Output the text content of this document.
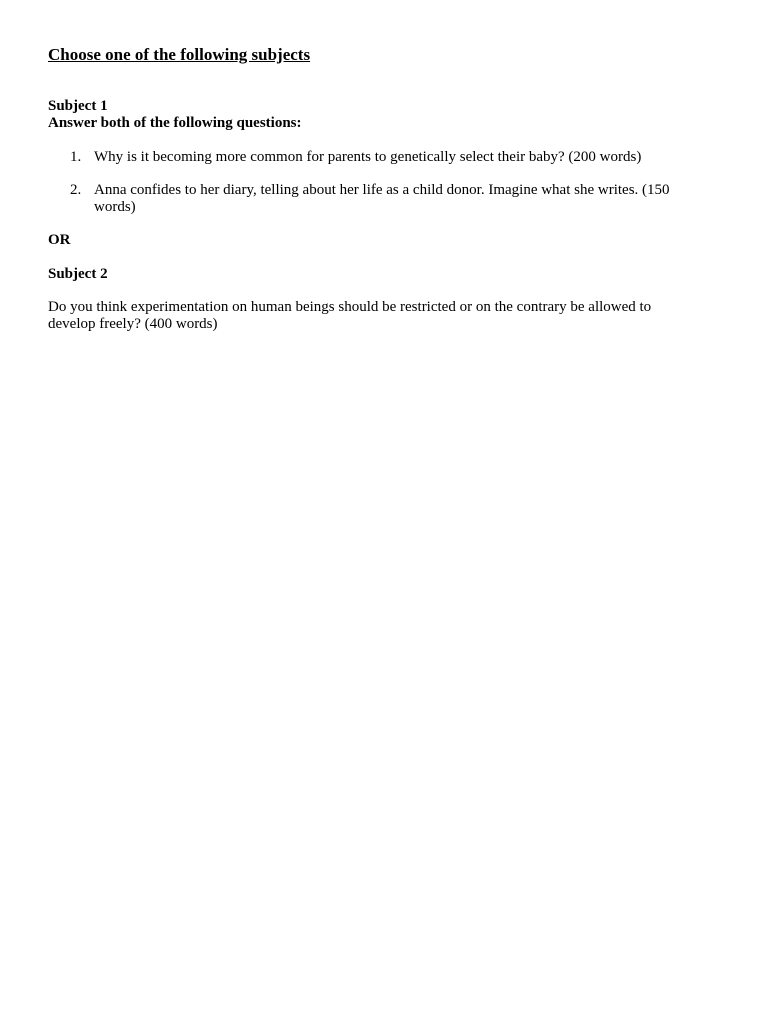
Choose one of the following subjects
Subject 1
Answer both of the following questions:
1. Why is it becoming more common for parents to genetically select their baby? (200 words)
2. Anna confides to her diary, telling about her life as a child donor. Imagine what she writes. (150 words)
OR
Subject 2
Do you think experimentation on human beings should be restricted or on the contrary be allowed to develop freely? (400 words)
